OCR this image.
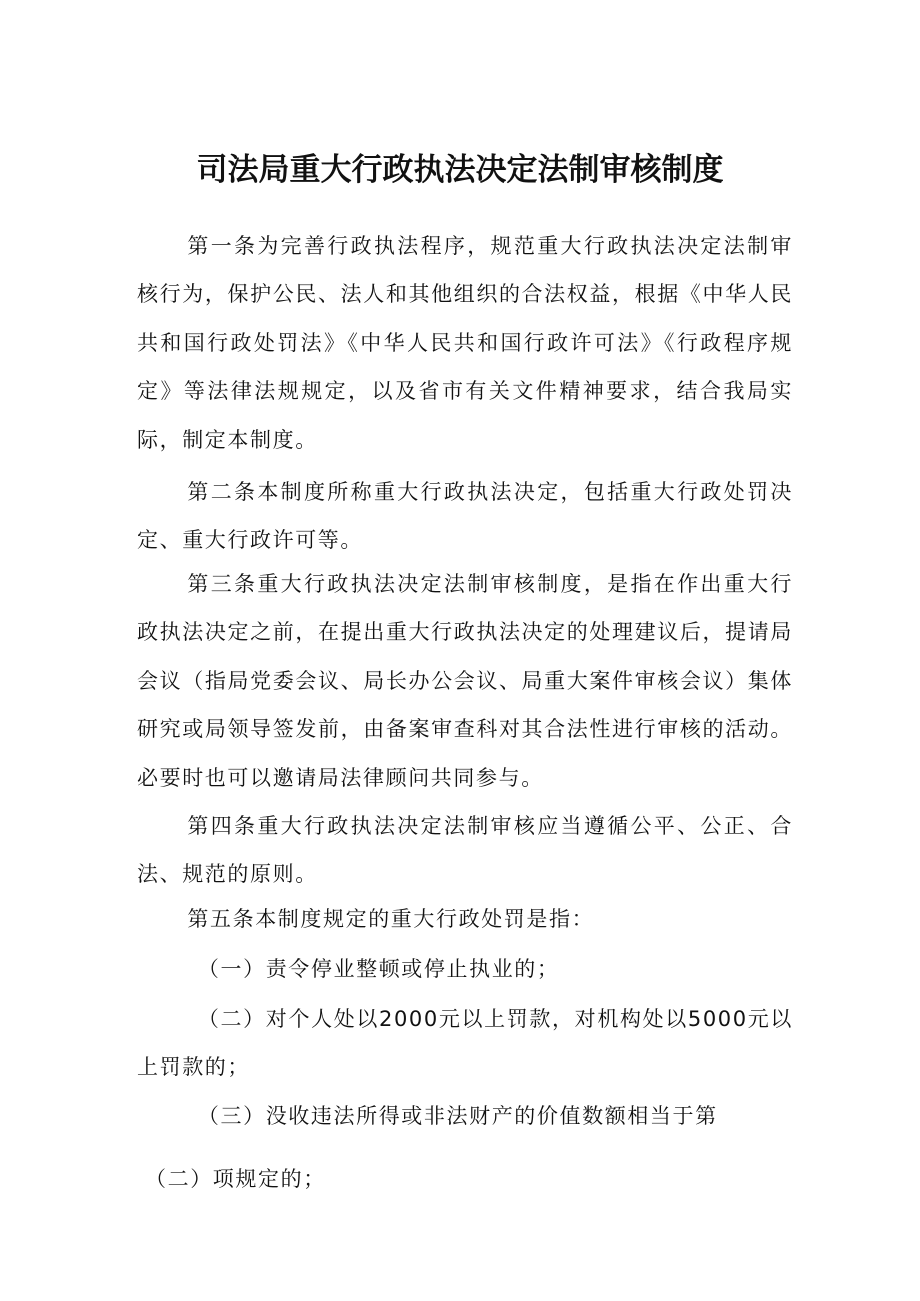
司法局重大行政执法决定法制审核制度

第一条为完善行政执法程序，规范重大行政执法决定法制审核行为，保护公民、法人和其他组织的合法权益，根据《中华人民共和国行政处罚法》《中华人民共和国行政许可法》《行政程序规定》等法律法规规定，以及省市有关文件精神要求，结合我局实际，制定本制度。

第二条本制度所称重大行政执法决定，包括重大行政处罚决定、重大行政许可等。

第三条重大行政执法决定法制审核制度，是指在作出重大行政执法决定之前，在提出重大行政执法决定的处理建议后，提请局会议（指局党委会议、局长办公会议、局重大案件审核会议）集体研究或局领导签发前，由备案审查科对其合法性进行审核的活动。必要时也可以邀请局法律顾问共同参与。

第四条重大行政执法决定法制审核应当遵循公平、公正、合法、规范的原则。

第五条本制度规定的重大行政处罚是指：

（一）责令停业整顿或停止执业的；

（二）对个人处以2000元以上罚款，对机构处以5000元以上罚款的；

（三）没收违法所得或非法财产的价值数额相当于第

（二）项规定的；
